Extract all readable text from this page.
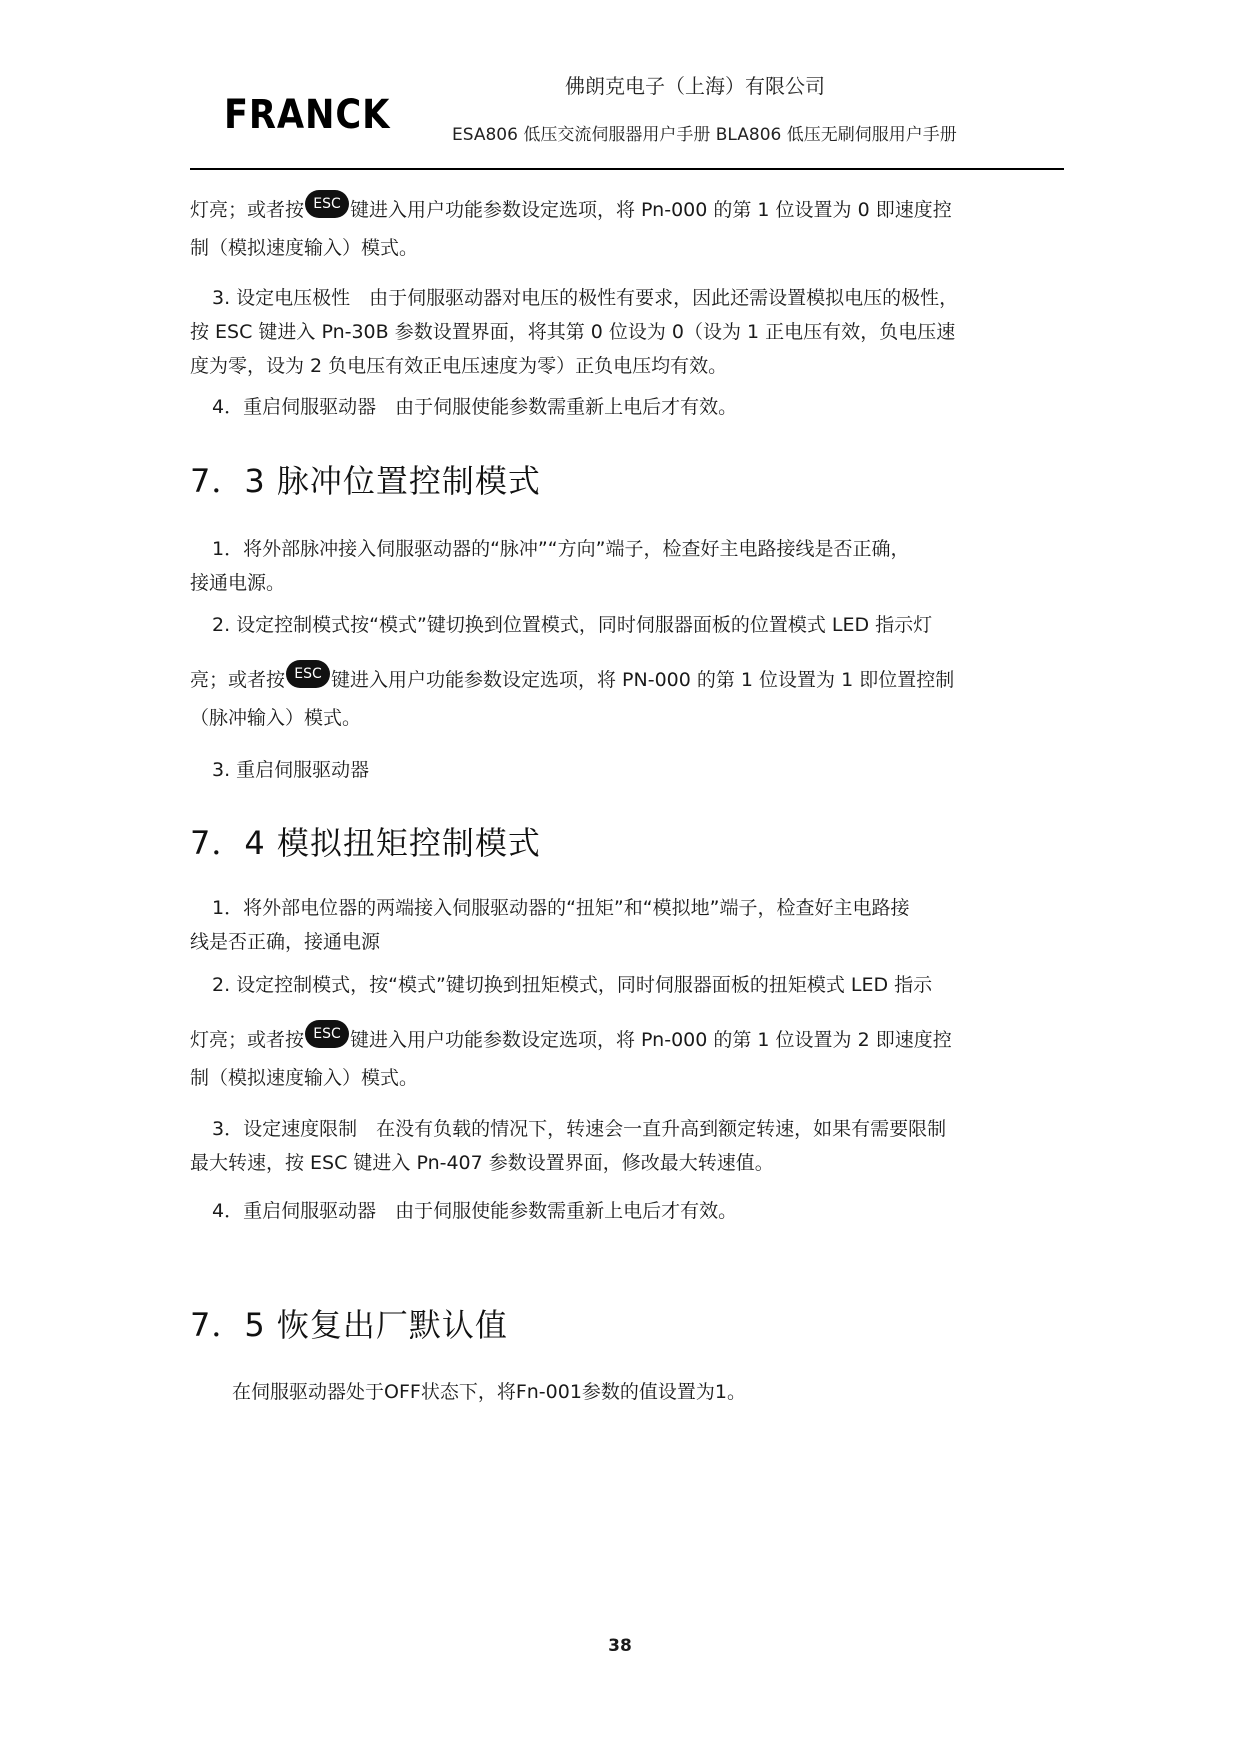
FRANCK
佛朗克电子（上海）有限公司
ESA806 低压交流伺服器用户手册 BLA806 低压无刷伺服用户手册

灯亮；或者按 ESC 键进入用户功能参数设定选项，将 Pn-000 的第 1 位设置为 0 即速度控

制（模拟速度输入）模式。

3. 设定电压极性　由于伺服驱动器对电压的极性有要求，因此还需设置模拟电压的极性，

按 ESC 键进入 Pn-30B 参数设置界面，将其第 0 位设为 0（设为 1 正电压有效，负电压速

度为零，设为 2 负电压有效正电压速度为零）正负电压均有效。

4．重启伺服驱动器　由于伺服使能参数需重新上电后才有效。

7．3 脉冲位置控制模式

1．将外部脉冲接入伺服驱动器的“脉冲”“方向”端子，检查好主电路接线是否正确，

接通电源。

2. 设定控制模式按“模式”键切换到位置模式，同时伺服器面板的位置模式 LED 指示灯

亮；或者按 ESC 键进入用户功能参数设定选项，将 PN-000 的第 1 位设置为 1 即位置控制

（脉冲输入）模式。

3. 重启伺服驱动器

7．4 模拟扭矩控制模式

1．将外部电位器的两端接入伺服驱动器的“扭矩”和“模拟地”端子，检查好主电路接

线是否正确，接通电源

2. 设定控制模式，按“模式”键切换到扭矩模式，同时伺服器面板的扭矩模式 LED 指示

灯亮；或者按 ESC 键进入用户功能参数设定选项，将 Pn-000 的第 1 位设置为 2 即速度控

制（模拟速度输入）模式。

3．设定速度限制　在没有负载的情况下，转速会一直升高到额定转速，如果有需要限制

最大转速，按 ESC 键进入 Pn-407 参数设置界面，修改最大转速值。

4．重启伺服驱动器　由于伺服使能参数需重新上电后才有效。

7．5 恢复出厂默认值

在伺服驱动器处于OFF状态下，将Fn-001参数的值设置为1。

38
